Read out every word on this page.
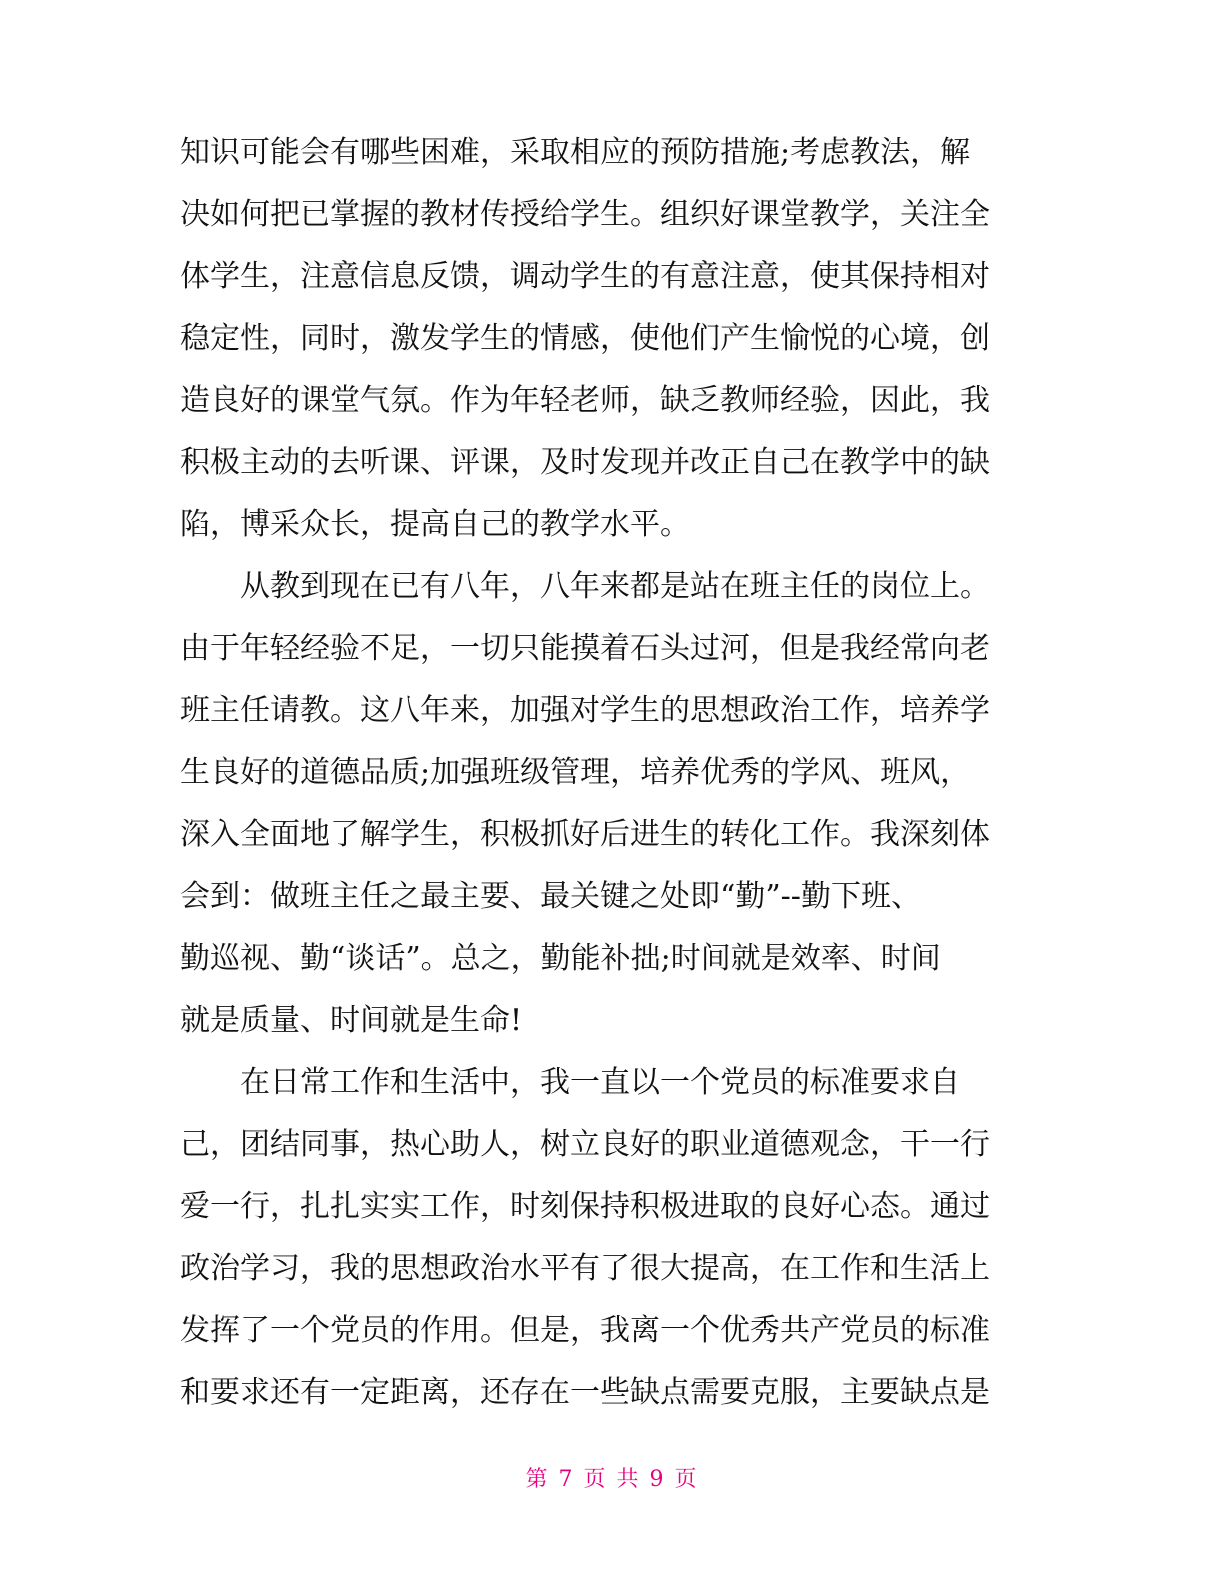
知识可能会有哪些困难，采取相应的预防措施;考虑教法，解
决如何把已掌握的教材传授给学生。组织好课堂教学，关注全
体学生，注意信息反馈，调动学生的有意注意，使其保持相对
稳定性，同时，激发学生的情感，使他们产生愉悦的心境，创
造良好的课堂气氛。作为年轻老师，缺乏教师经验，因此，我
积极主动的去听课、评课，及时发现并改正自己在教学中的缺
陷，博采众长，提高自己的教学水平。
从教到现在已有八年，八年来都是站在班主任的岗位上。
由于年轻经验不足，一切只能摸着石头过河，但是我经常向老
班主任请教。这八年来，加强对学生的思想政治工作，培养学
生良好的道德品质;加强班级管理，培养优秀的学风、班风，
深入全面地了解学生，积极抓好后进生的转化工作。我深刻体
会到：做班主任之最主要、最关键之处即“勤”--勤下班、
勤巡视、勤“谈话”。总之，勤能补拙;时间就是效率、时间
就是质量、时间就是生命!
在日常工作和生活中，我一直以一个党员的标准要求自
己，团结同事，热心助人，树立良好的职业道德观念，干一行
爱一行，扎扎实实工作，时刻保持积极进取的良好心态。通过
政治学习，我的思想政治水平有了很大提高，在工作和生活上
发挥了一个党员的作用。但是，我离一个优秀共产党员的标准
和要求还有一定距离，还存在一些缺点需要克服，主要缺点是
第 7 页 共 9 页
